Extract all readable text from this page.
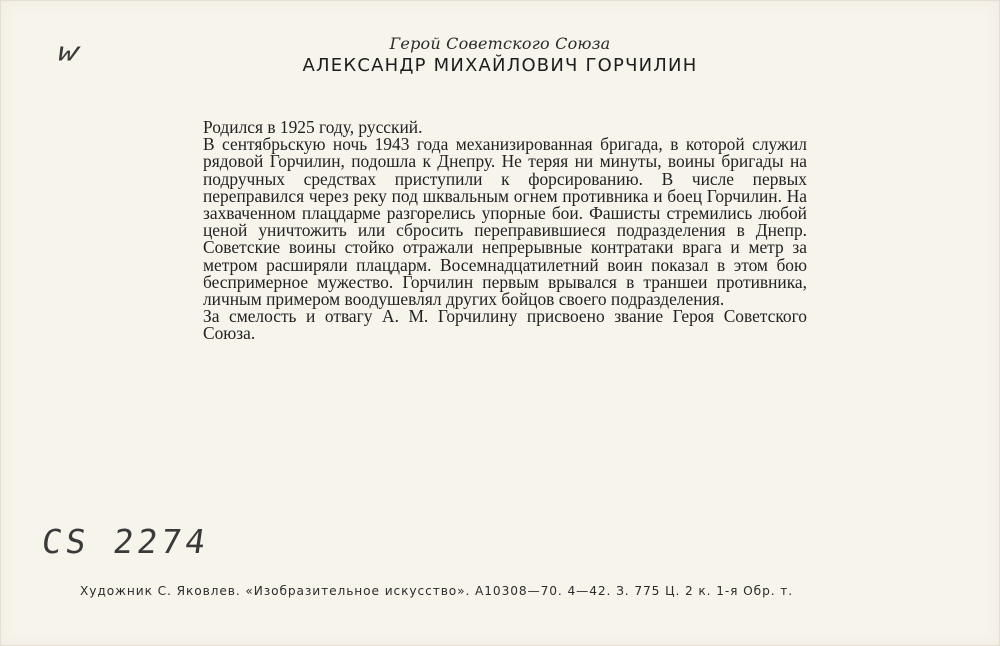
w	Герой Советского Союза
АЛЕКСАНДР МИХАЙЛОВИЧ ГОРЧИЛИН

Родился в 1925 году, русский.

В сентябрьскую ночь 1943 года механизированная бригада, в которой служил рядовой Горчилин, подошла к Днепру. Не теряя ни минуты, воины бригады на подручных средствах приступили к форсированию. В числе первых переправился через реку под шквальным огнем противника и боец Горчилин. На захваченном плацдарме разгорелись упорные бои. Фашисты стремились любой ценой уничтожить или сбросить переправившиеся подразделения в Днепр. Советские воины стойко отражали непрерывные контратаки врага и метр за метром расширяли плацдарм. Восемнадцатилетний воин показал в этом бою беспримерное мужество. Горчилин первым врывался в траншеи противника, личным примером воодушевлял других бойцов своего подразделения.

За смелость и отвагу А. М. Горчилину присвоено звание Героя Советского Союза.

CS 2274
Художник С. Яковлев. «Изобразительное искусство». А10308—70. 4—42. З. 775 Ц. 2 к. 1-я Обр. т.
